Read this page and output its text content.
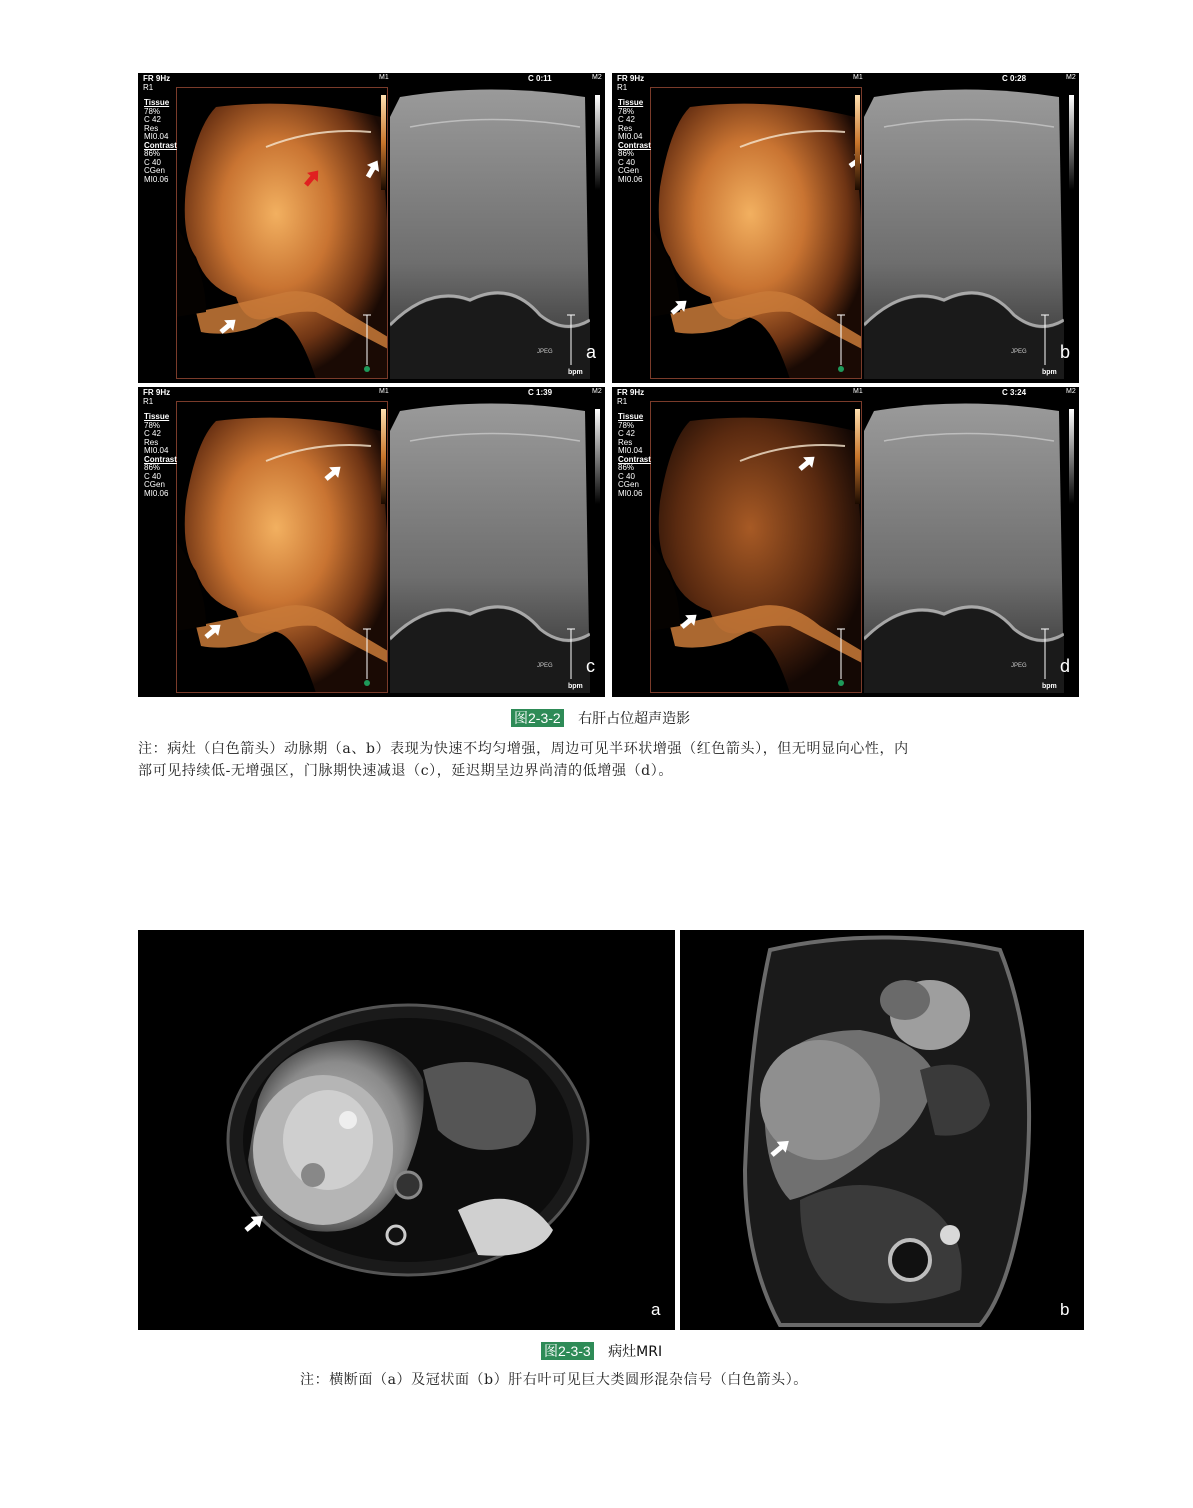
FR 9Hz
R1
M1	C 0:11	M2
Tissue
78%
C 42
Res
MI0.04
Contrast
86%
C 40
CGen
MI0.06
JPEG
bpm
a
FR 9Hz
R1
M1	C 0:28	M2
Tissue
78%
C 42
Res
MI0.04
Contrast
86%
C 40
CGen
MI0.06
JPEG
bpm
b
FR 9Hz
R1
M1	C 1:39	M2
Tissue
78%
C 42
Res
MI0.04
Contrast
86%
C 40
CGen
MI0.06
JPEG
bpm
c
FR 9Hz
R1
M1	C 3:24	M2
Tissue
78%
C 42
Res
MI0.04
Contrast
86%
C 40
CGen
MI0.06
JPEG
bpm
d
图2-3-2 右肝占位超声造影
注：病灶（白色箭头）动脉期（a、b）表现为快速不均匀增强，周边可见半环状增强（红色箭头），但无明显向心性，内
部可见持续低-无增强区，门脉期快速减退（c），延迟期呈边界尚清的低增强（d）。
a	b
图2-3-3 病灶MRI
注：横断面（a）及冠状面（b）肝右叶可见巨大类圆形混杂信号（白色箭头）。
